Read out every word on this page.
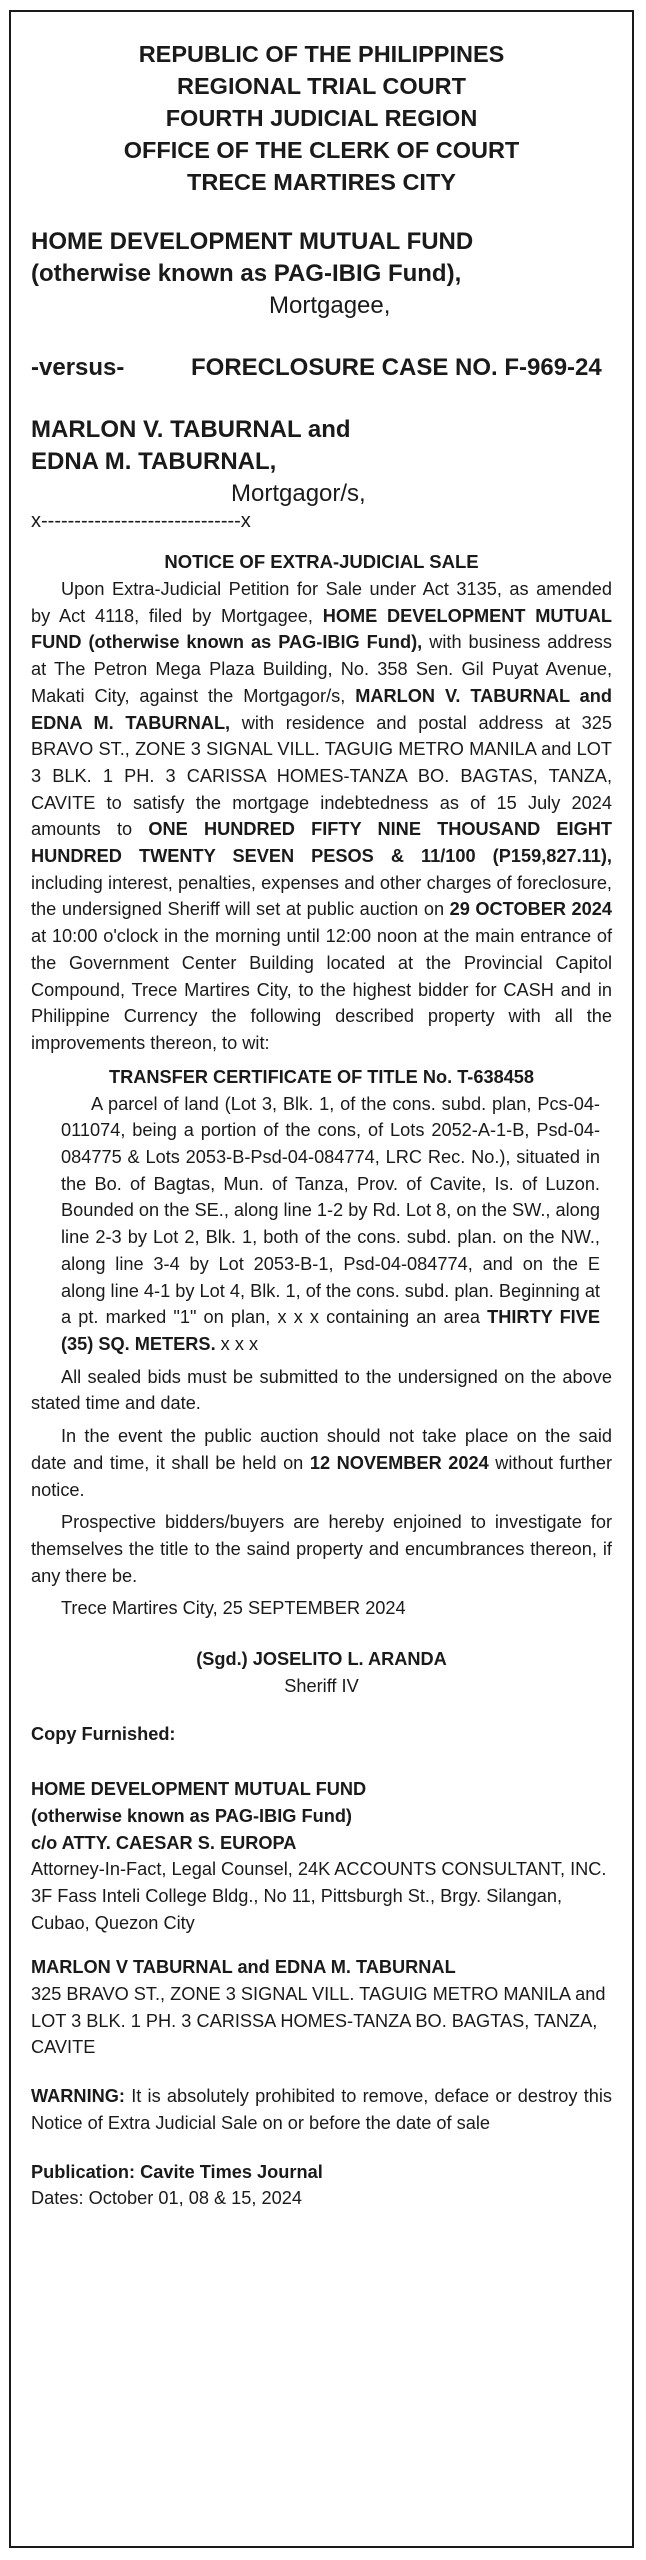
REPUBLIC OF THE PHILIPPINES
REGIONAL TRIAL COURT
FOURTH JUDICIAL REGION
OFFICE OF THE CLERK OF COURT
TRECE MARTIRES CITY
HOME DEVELOPMENT MUTUAL FUND
(otherwise known as PAG-IBIG Fund),
Mortgagee,
-versus-	FORECLOSURE CASE NO. F-969-24
MARLON V. TABURNAL and
EDNA M. TABURNAL,
Mortgagor/s,
x------------------------------x
NOTICE OF EXTRA-JUDICIAL SALE

Upon Extra-Judicial Petition for Sale under Act 3135, as amended by Act 4118, filed by Mortgagee, HOME DEVELOPMENT MUTUAL FUND (otherwise known as PAG-IBIG Fund), with business address at The Petron Mega Plaza Building, No. 358 Sen. Gil Puyat Avenue, Makati City, against the Mortgagor/s, MARLON V. TABURNAL and EDNA M. TABURNAL, with residence and postal address at 325 BRAVO ST., ZONE 3 SIGNAL VILL. TAGUIG METRO MANILA and LOT 3 BLK. 1 PH. 3 CARISSA HOMES-TANZA BO. BAGTAS, TANZA, CAVITE to satisfy the mortgage indebtedness as of 15 July 2024 amounts to ONE HUNDRED FIFTY NINE THOUSAND EIGHT HUNDRED TWENTY SEVEN PESOS & 11/100 (P159,827.11), including interest, penalties, expenses and other charges of foreclosure, the undersigned Sheriff will set at public auction on 29 OCTOBER 2024 at 10:00 o'clock in the morning until 12:00 noon at the main entrance of the Government Center Building located at the Provincial Capitol Compound, Trece Martires City, to the highest bidder for CASH and in Philippine Currency the following described property with all the improvements thereon, to wit:

TRANSFER CERTIFICATE OF TITLE No. T-638458

A parcel of land (Lot 3, Blk. 1, of the cons. subd. plan, Pcs-04-011074, being a portion of the cons, of Lots 2052-A-1-B, Psd-04-084775 & Lots 2053-B-Psd-04-084774, LRC Rec. No.), situated in the Bo. of Bagtas, Mun. of Tanza, Prov. of Cavite, Is. of Luzon. Bounded on the SE., along line 1-2 by Rd. Lot 8, on the SW., along line 2-3 by Lot 2, Blk. 1, both of the cons. subd. plan. on the NW., along line 3-4 by Lot 2053-B-1, Psd-04-084774, and on the E along line 4-1 by Lot 4, Blk. 1, of the cons. subd. plan. Beginning at a pt. marked "1" on plan, x x x containing an area THIRTY FIVE (35) SQ. METERS. x x x

All sealed bids must be submitted to the undersigned on the above stated time and date.

In the event the public auction should not take place on the said date and time, it shall be held on 12 NOVEMBER 2024 without further notice.

Prospective bidders/buyers are hereby enjoined to investigate for themselves the title to the saind property and encumbrances thereon, if any there be.

Trece Martires City, 25 SEPTEMBER 2024
(Sgd.) JOSELITO L. ARANDA
Sheriff IV
Copy Furnished:
HOME DEVELOPMENT MUTUAL FUND
(otherwise known as PAG-IBIG Fund)
c/o ATTY. CAESAR S. EUROPA
Attorney-In-Fact, Legal Counsel, 24K ACCOUNTS CONSULTANT, INC.
3F Fass Inteli College Bldg., No 11, Pittsburgh St., Brgy. Silangan, Cubao, Quezon City
MARLON V TABURNAL and EDNA M. TABURNAL
325 BRAVO ST., ZONE 3 SIGNAL VILL. TAGUIG METRO MANILA and
LOT 3 BLK. 1 PH. 3 CARISSA HOMES-TANZA BO. BAGTAS, TANZA, CAVITE

WARNING: It is absolutely prohibited to remove, deface or destroy this Notice of Extra Judicial Sale on or before the date of sale

Publication: Cavite Times Journal
Dates: October 01, 08 & 15, 2024
